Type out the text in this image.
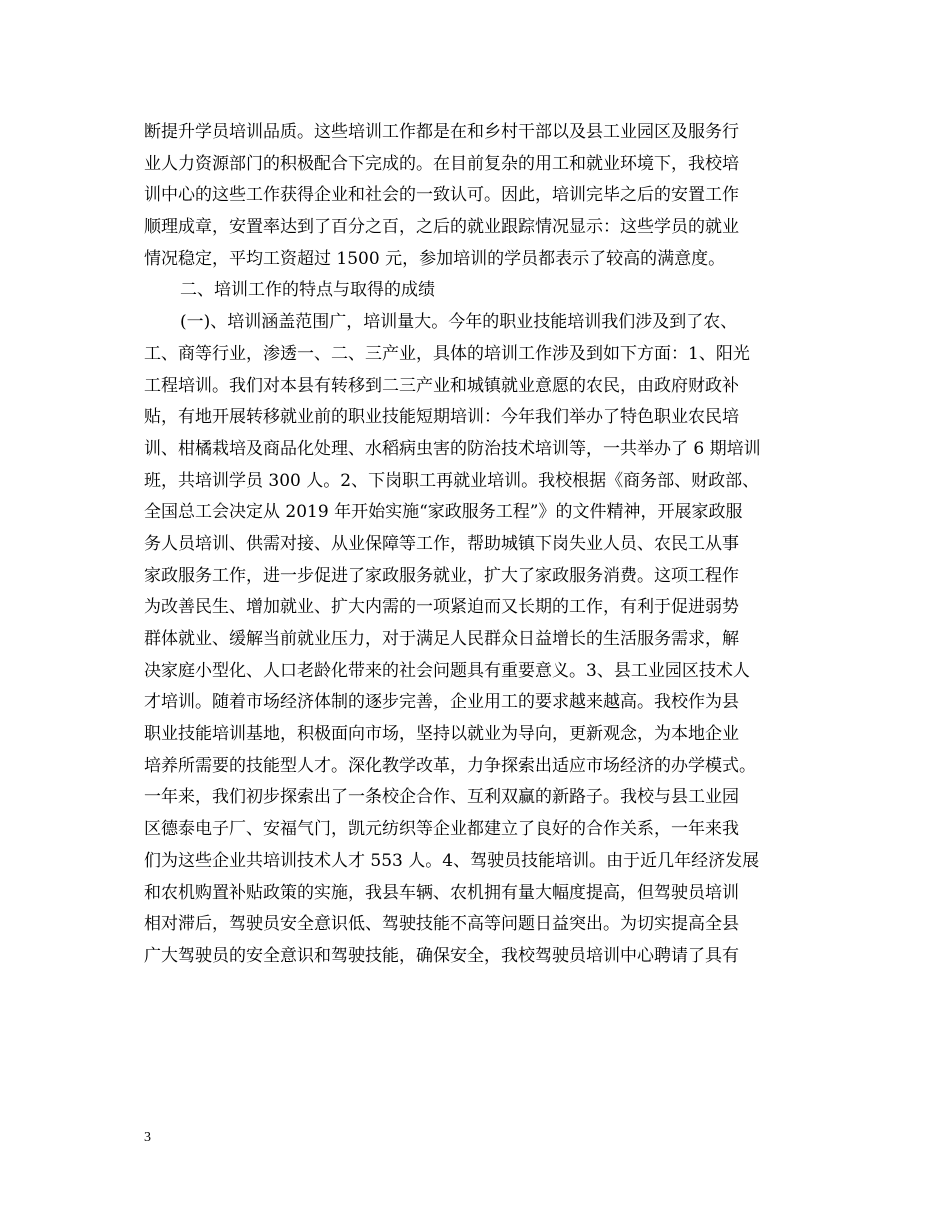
断提升学员培训品质。这些培训工作都是在和乡村干部以及县工业园区及服务行
业人力资源部门的积极配合下完成的。在目前复杂的用工和就业环境下，我校培
训中心的这些工作获得企业和社会的一致认可。因此，培训完毕之后的安置工作
顺理成章，安置率达到了百分之百，之后的就业跟踪情况显示：这些学员的就业
情况稳定，平均工资超过 1500 元，参加培训的学员都表示了较高的满意度。
二、培训工作的特点与取得的成绩
(一)、培训涵盖范围广，培训量大。今年的职业技能培训我们涉及到了农、
工、商等行业，渗透一、二、三产业，具体的培训工作涉及到如下方面：1、阳光
工程培训。我们对本县有转移到二三产业和城镇就业意愿的农民，由政府财政补
贴，有地开展转移就业前的职业技能短期培训：今年我们举办了特色职业农民培
训、柑橘栽培及商品化处理、水稻病虫害的防治技术培训等，一共举办了 6 期培训
班，共培训学员 300 人。2、下岗职工再就业培训。我校根据《商务部、财政部、
全国总工会决定从 2019 年开始实施“家政服务工程”》的文件精神，开展家政服
务人员培训、供需对接、从业保障等工作，帮助城镇下岗失业人员、农民工从事
家政服务工作，进一步促进了家政服务就业，扩大了家政服务消费。这项工程作
为改善民生、增加就业、扩大内需的一项紧迫而又长期的工作，有利于促进弱势
群体就业、缓解当前就业压力，对于满足人民群众日益增长的生活服务需求，解
决家庭小型化、人口老龄化带来的社会问题具有重要意义。3、县工业园区技术人
才培训。随着市场经济体制的逐步完善，企业用工的要求越来越高。我校作为县
职业技能培训基地，积极面向市场，坚持以就业为导向，更新观念，为本地企业
培养所需要的技能型人才。深化教学改革，力争探索出适应市场经济的办学模式。
一年来，我们初步探索出了一条校企合作、互利双赢的新路子。我校与县工业园
区德泰电子厂、安福气门，凯元纺织等企业都建立了良好的合作关系，一年来我
们为这些企业共培训技术人才 553 人。4、驾驶员技能培训。由于近几年经济发展
和农机购置补贴政策的实施，我县车辆、农机拥有量大幅度提高，但驾驶员培训
相对滞后，驾驶员安全意识低、驾驶技能不高等问题日益突出。为切实提高全县
广大驾驶员的安全意识和驾驶技能，确保安全，我校驾驶员培训中心聘请了具有
3
